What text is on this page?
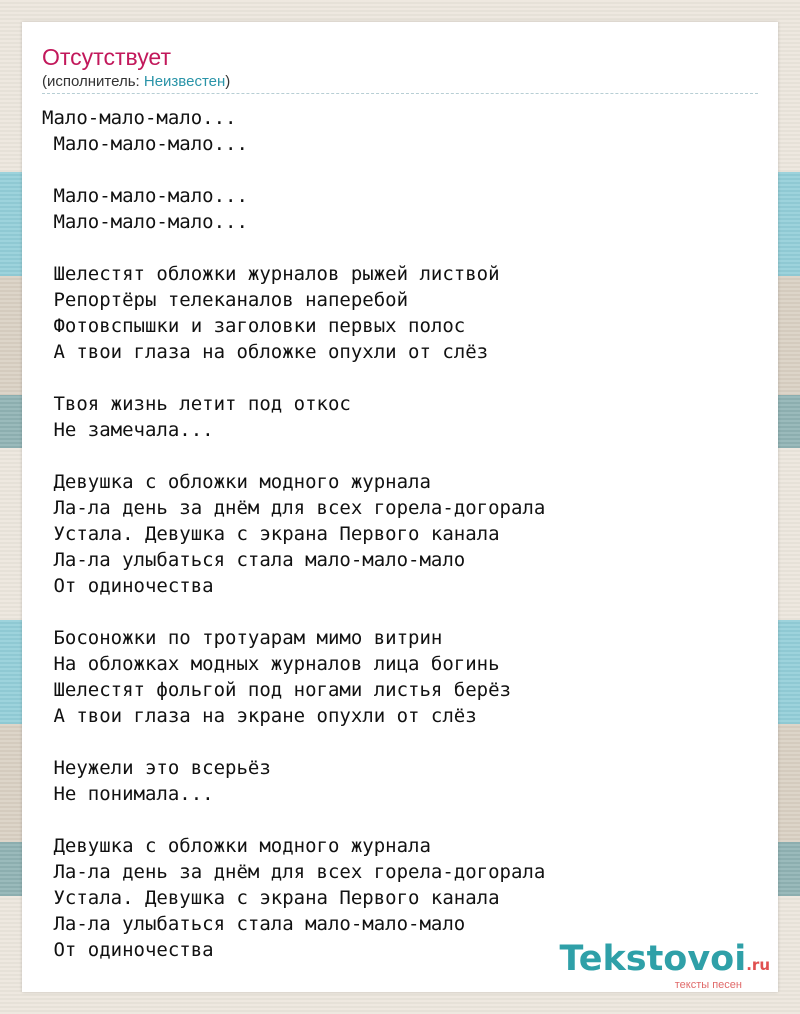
Отсутствует
(исполнитель: Неизвестен)
Мало-мало-мало...
Мало-мало-мало...

Мало-мало-мало...
Мало-мало-мало...

Шелестят обложки журналов рыжей листвой
Репортёры телеканалов наперебой
Фотовспышки и заголовки первых полос
А твои глаза на обложке опухли от слёз

Твоя жизнь летит под откос
Не замечала...

Девушка с обложки модного журнала
Ла-ла день за днём для всех горела-догорала
Устала. Девушка с экрана Первого канала
Ла-ла улыбаться стала мало-мало-мало
От одиночества

Босоножки по тротуарам мимо витрин
На обложках модных журналов лица богинь
Шелестят фольгой под ногами листья берёз
А твои глаза на экране опухли от слёз

Неужели это всерьёз
Не понимала...

Девушка с обложки модного журнала
Ла-ла день за днём для всех горела-догорала
Устала. Девушка с экрана Первого канала
Ла-ла улыбаться стала мало-мало-мало
От одиночества	Tekstovoi.ru
тексты песен
